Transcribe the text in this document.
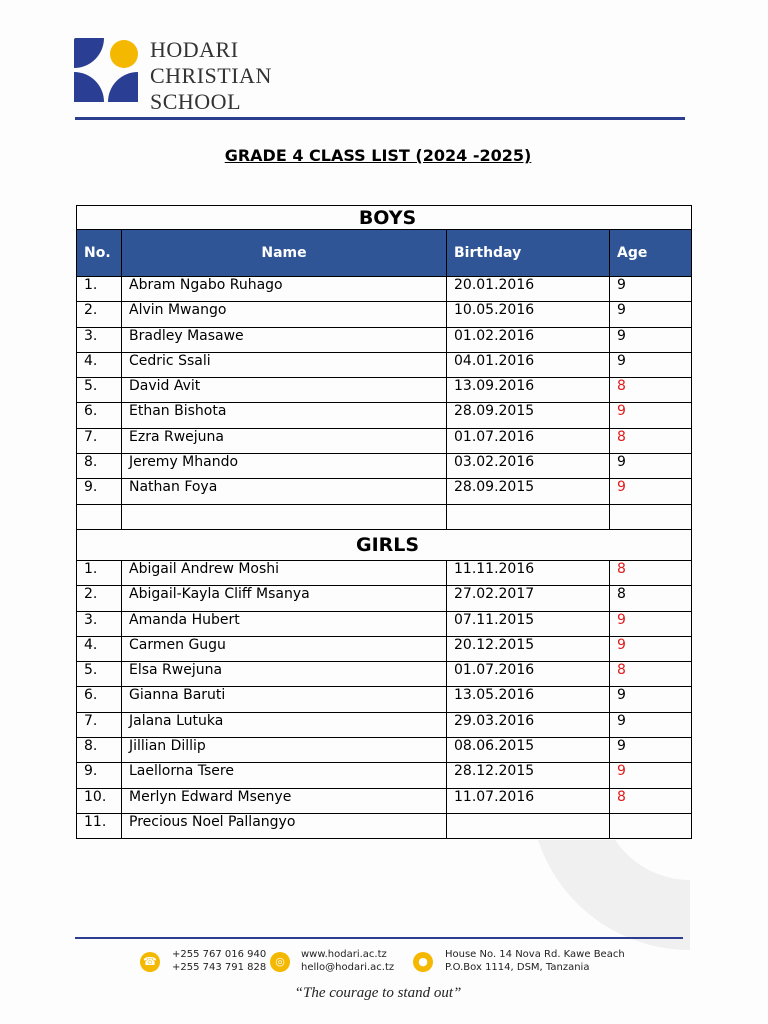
HODARI
CHRISTIAN
SCHOOL
GRADE 4 CLASS LIST (2024 -2025)
BOYS			
No.	Name	Birthday	Age
1.	Abram Ngabo Ruhago	20.01.2016	9
2.	Alvin Mwango	10.05.2016	9
3.	Bradley Masawe	01.02.2016	9
4.	Cedric Ssali	04.01.2016	9
5.	David Avit	13.09.2016	8
6.	Ethan Bishota	28.09.2015	9
7.	Ezra Rwejuna	01.07.2016	8
8.	Jeremy Mhando	03.02.2016	9
9.	Nathan Foya	28.09.2015	9

GIRLS			
1.	Abigail Andrew Moshi	11.11.2016	8
2.	Abigail-Kayla Cliff Msanya	27.02.2017	8
3.	Amanda Hubert	07.11.2015	9
4.	Carmen Gugu	20.12.2015	9
5.	Elsa Rwejuna	01.07.2016	8
6.	Gianna Baruti	13.05.2016	9
7.	Jalana Lutuka	29.03.2016	9
8.	Jillian Dillip	08.06.2015	9
9.	Laellorna Tsere	28.12.2015	9
10.	Merlyn Edward Msenye	11.07.2016	8
11.	Precious Noel Pallangyo		
☎
+255 767 016 940
+255 743 791 828 ◎
www.hodari.ac.tz
hello@hodari.ac.tz	●
House No. 14 Nova Rd. Kawe Beach
P.O.Box 1114, DSM, Tanzania
“The courage to stand out”
